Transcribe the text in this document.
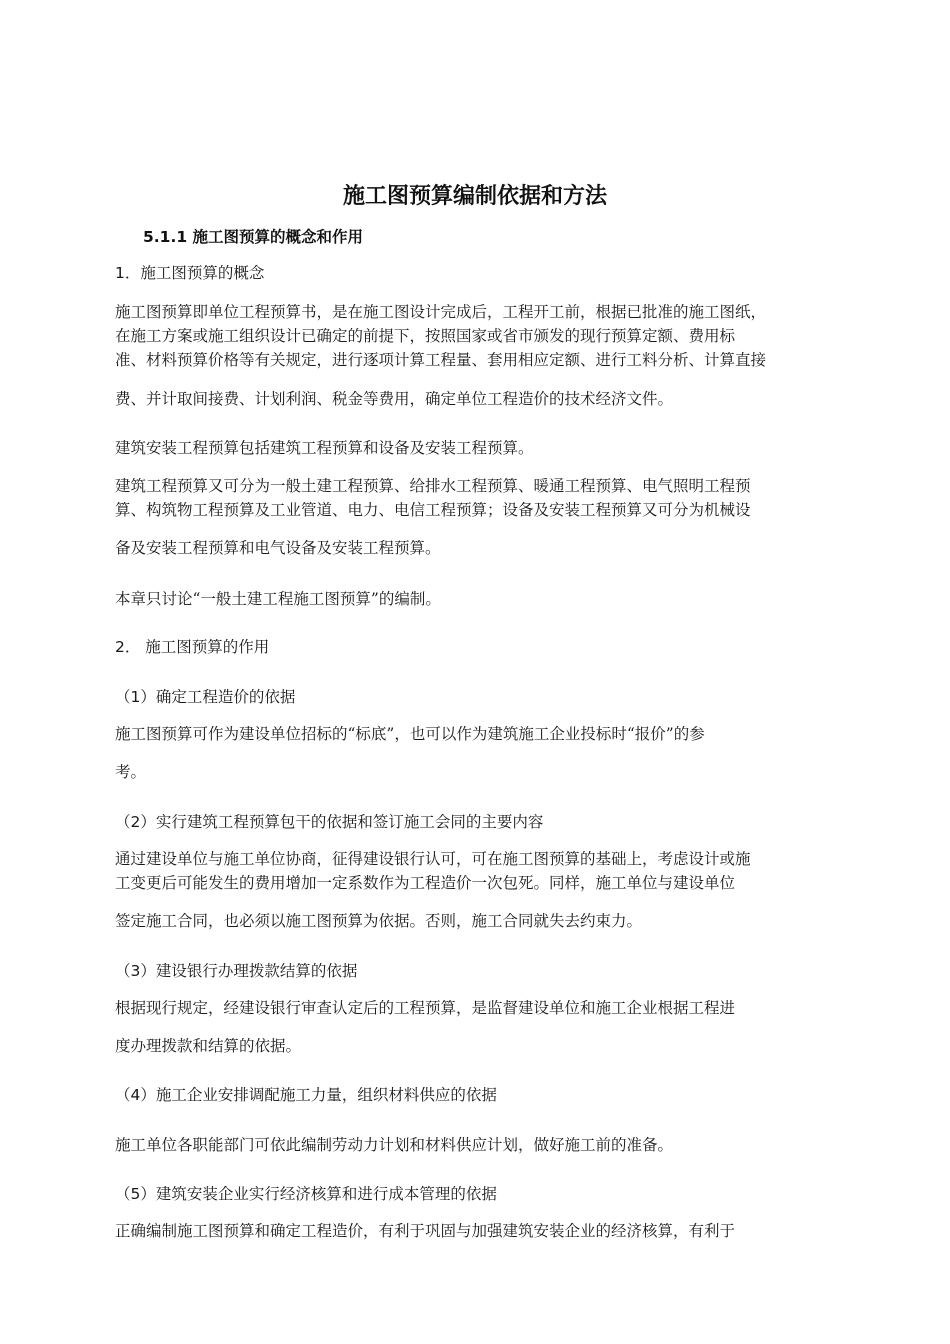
施工图预算编制依据和方法
5.1.1 施工图预算的概念和作用
1．施工图预算的概念
施工图预算即单位工程预算书，是在施工图设计完成后，工程开工前，根据已批准的施工图纸，
在施工方案或施工组织设计已确定的前提下，按照国家或省市颁发的现行预算定额、费用标
准、材料预算价格等有关规定，进行逐项计算工程量、套用相应定额、进行工料分析、计算直接
费、并计取间接费、计划利润、税金等费用，确定单位工程造价的技术经济文件。
建筑安装工程预算包括建筑工程预算和设备及安装工程预算。
建筑工程预算又可分为一般土建工程预算、给排水工程预算、暖通工程预算、电气照明工程预
算、构筑物工程预算及工业管道、电力、电信工程预算；设备及安装工程预算又可分为机械设
备及安装工程预算和电气设备及安装工程预算。
本章只讨论“一般土建工程施工图预算”的编制。
2． 施工图预算的作用
（1）确定工程造价的依据
施工图预算可作为建设单位招标的“标底”，也可以作为建筑施工企业投标时“报价”的参
考。
（2）实行建筑工程预算包干的依据和签订施工会同的主要内容
通过建设单位与施工单位协商，征得建设银行认可，可在施工图预算的基础上，考虑设计或施
工变更后可能发生的费用增加一定系数作为工程造价一次包死。同样，施工单位与建设单位
签定施工合同，也必须以施工图预算为依据。否则，施工合同就失去约束力。
（3）建设银行办理拨款结算的依据
根据现行规定，经建设银行审查认定后的工程预算，是监督建设单位和施工企业根据工程进
度办理拨款和结算的依据。
（4）施工企业安排调配施工力量，组织材料供应的依据
施工单位各职能部门可依此编制劳动力计划和材料供应计划，做好施工前的准备。
（5）建筑安装企业实行经济核算和进行成本管理的依据
正确编制施工图预算和确定工程造价，有利于巩固与加强建筑安装企业的经济核算，有利于
